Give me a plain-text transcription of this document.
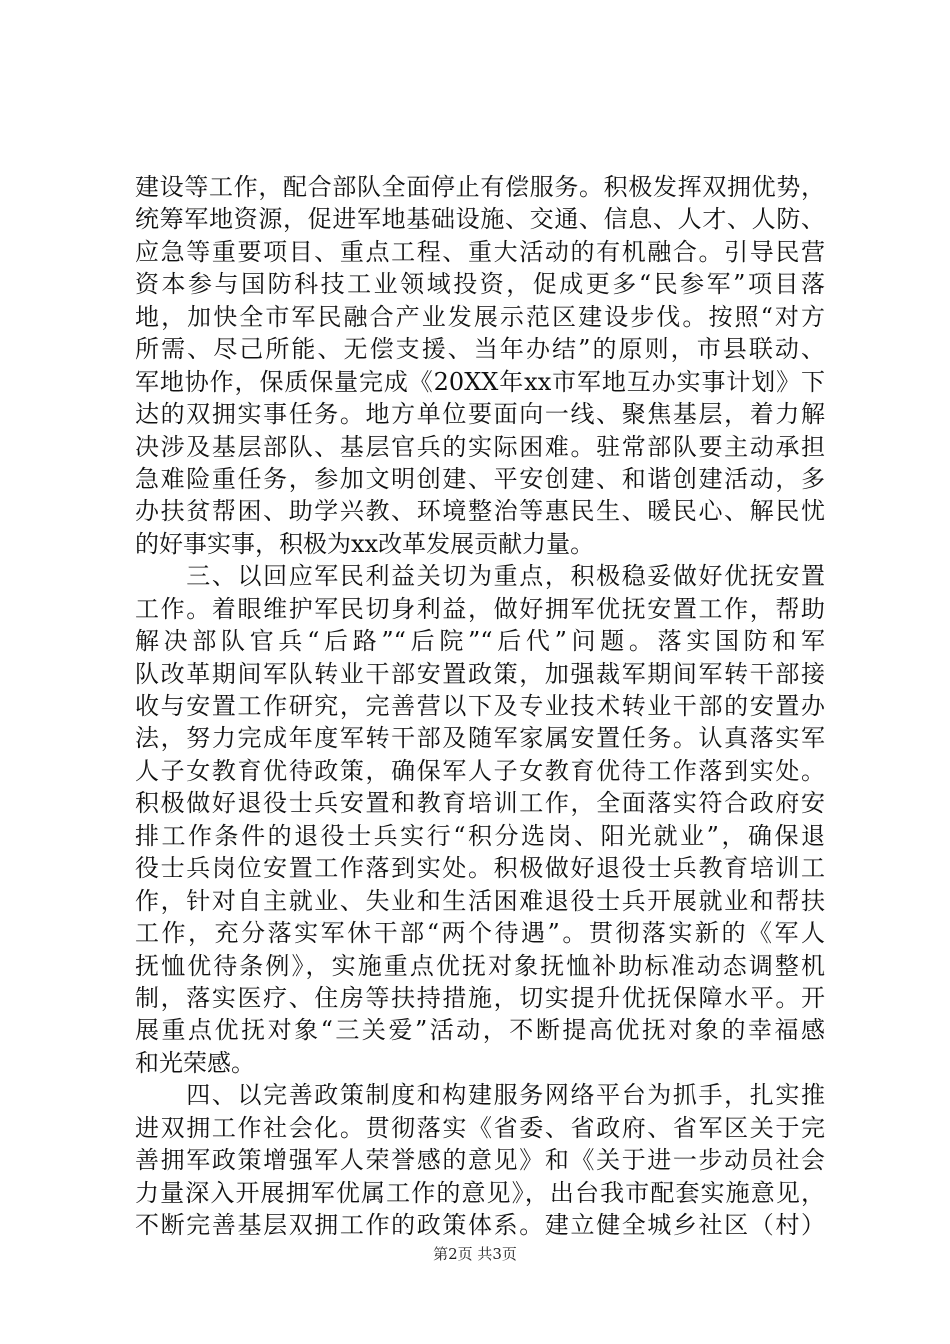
建设等工作，配合部队全面停止有偿服务。积极发挥双拥优势，
统筹军地资源，促进军地基础设施、交通、信息、人才、人防、
应急等重要项目、重点工程、重大活动的有机融合。引导民营
资本参与国防科技工业领域投资，促成更多“民参军”项目落
地，加快全市军民融合产业发展示范区建设步伐。按照“对方
所需、尽己所能、无偿支援、当年办结”的原则，市县联动、
军地协作，保质保量完成《20XX年xx市军地互办实事计划》下
达的双拥实事任务。地方单位要面向一线、聚焦基层，着力解
决涉及基层部队、基层官兵的实际困难。驻常部队要主动承担
急难险重任务，参加文明创建、平安创建、和谐创建活动，多
办扶贫帮困、助学兴教、环境整治等惠民生、暖民心、解民忧
的好事实事，积极为xx改革发展贡献力量。
　　三、以回应军民利益关切为重点，积极稳妥做好优抚安置
工作。着眼维护军民切身利益，做好拥军优抚安置工作，帮助
解决部队官兵“后路”“后院”“后代”问题。落实国防和军
队改革期间军队转业干部安置政策，加强裁军期间军转干部接
收与安置工作研究，完善营以下及专业技术转业干部的安置办
法，努力完成年度军转干部及随军家属安置任务。认真落实军
人子女教育优待政策，确保军人子女教育优待工作落到实处。
积极做好退役士兵安置和教育培训工作，全面落实符合政府安
排工作条件的退役士兵实行“积分选岗、阳光就业”，确保退
役士兵岗位安置工作落到实处。积极做好退役士兵教育培训工
作，针对自主就业、失业和生活困难退役士兵开展就业和帮扶
工作，充分落实军休干部“两个待遇”。贯彻落实新的《军人
抚恤优待条例》，实施重点优抚对象抚恤补助标准动态调整机
制，落实医疗、住房等扶持措施，切实提升优抚保障水平。开
展重点优抚对象“三关爱”活动，不断提高优抚对象的幸福感
和光荣感。
　　四、以完善政策制度和构建服务网络平台为抓手，扎实推
进双拥工作社会化。贯彻落实《省委、省政府、省军区关于完
善拥军政策增强军人荣誉感的意见》和《关于进一步动员社会
力量深入开展拥军优属工作的意见》，出台我市配套实施意见，
不断完善基层双拥工作的政策体系。建立健全城乡社区（村）
第2页 共3页
